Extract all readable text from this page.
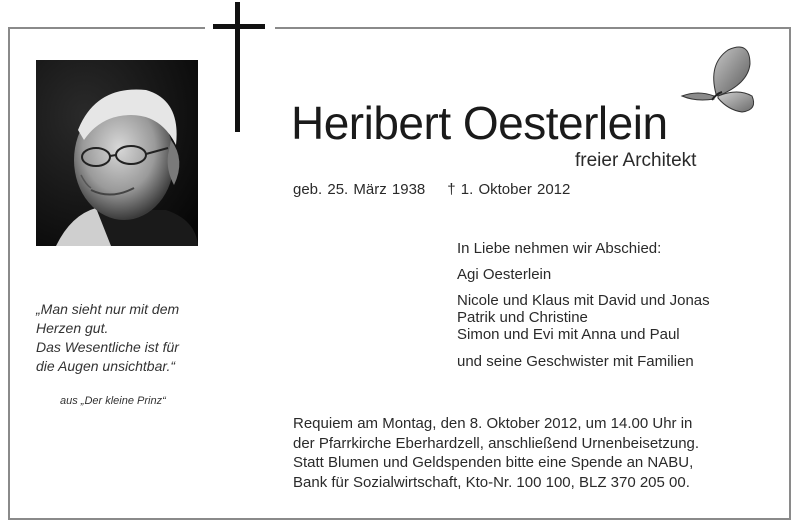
Heribert Oesterlein
freier Architekt
geb. 25. März 1938 † 1. Oktober 2012
„Man sieht nur mit dem
Herzen gut.
Das Wesentliche ist für
die Augen unsichtbar.“
aus „Der kleine Prinz“
In Liebe nehmen wir Abschied:
Agi Oesterlein
Nicole und Klaus mit David und Jonas
Patrik und Christine
Simon und Evi mit Anna und Paul
und seine Geschwister mit Familien
Requiem am Montag, den 8. Oktober 2012, um 14.00 Uhr in
der Pfarrkirche Eberhardzell, anschließend Urnenbeisetzung.
Statt Blumen und Geldspenden bitte eine Spende an NABU,
Bank für Sozialwirtschaft, Kto-Nr. 100 100, BLZ 370 205 00.
